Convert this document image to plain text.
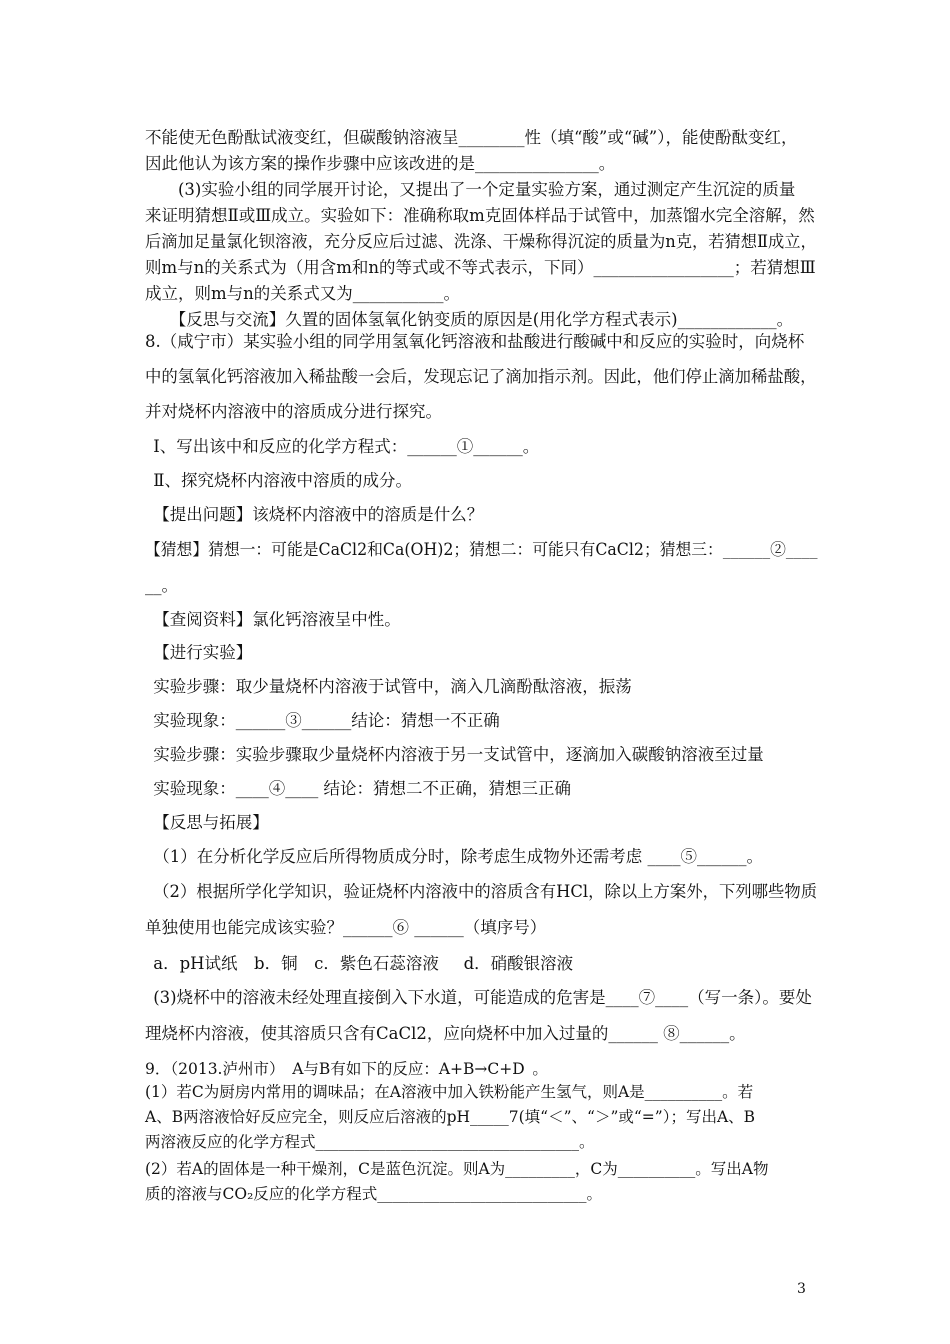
不能使无色酚酞试液变红，但碳酸钠溶液呈________性（填“酸”或“碱”），能使酚酞变红，
因此他认为该方案的操作步骤中应该改进的是_______________。
　　(3)实验小组的同学展开讨论，又提出了一个定量实验方案，通过测定产生沉淀的质量
来证明猜想Ⅱ或Ⅲ成立。实验如下：准确称取m克固体样品于试管中，加蒸馏水完全溶解，然
后滴加足量氯化钡溶液，充分反应后过滤、洗涤、干燥称得沉淀的质量为n克，若猜想Ⅱ成立，
则m与n的关系式为（用含m和n的等式或不等式表示，下同）_________________；若猜想Ⅲ
成立，则m与n的关系式又为___________。
　　【反思与交流】久置的固体氢氧化钠变质的原因是(用化学方程式表示)____________。
8.（咸宁市）某实验小组的同学用氢氧化钙溶液和盐酸进行酸碱中和反应的实验时，向烧杯
中的氢氧化钙溶液加入稀盐酸一会后，发现忘记了滴加指示剂。因此，他们停止滴加稀盐酸，
并对烧杯内溶液中的溶质成分进行探究。
 Ⅰ、写出该中和反应的化学方程式：______①______。
 Ⅱ、探究烧杯内溶液中溶质的成分。
 【提出问题】该烧杯内溶液中的溶质是什么？
【猜想】猜想一：可能是CaCl2和Ca(OH)2；猜想二：可能只有CaCl2；猜想三：______②____
__。
 【查阅资料】氯化钙溶液呈中性。
 【进行实验】
 实验步骤：取少量烧杯内溶液于试管中，滴入几滴酚酞溶液，振荡
 实验现象：______③______结论：猜想一不正确
 实验步骤：实验步骤取少量烧杯内溶液于另一支试管中，逐滴加入碳酸钠溶液至过量
 实验现象：____④____ 结论：猜想二不正确，猜想三正确
 【反思与拓展】
 （1）在分析化学反应后所得物质成分时，除考虑生成物外还需考虑 ____⑤______。
 （2）根据所学化学知识，验证烧杯内溶液中的溶质含有HCl，除以上方案外，下列哪些物质
单独使用也能完成该实验？______⑥ ______（填序号）
 a．pH试纸 b．铜 c．紫色石蕊溶液  d．硝酸银溶液
 (3)烧杯中的溶液未经处理直接倒入下水道，可能造成的危害是____⑦____（写一条）。要处
理烧杯内溶液，使其溶质只含有CaCl2，应向烧杯中加入过量的______ ⑧______。
9．（2013.泸州市） A与B有如下的反应：A+B→C+D 。
(1）若C为厨房内常用的调味品；在A溶液中加入铁粉能产生氢气，则A是__________。若
A、B两溶液恰好反应完全，则反应后溶液的pH_____7(填“＜”、“＞”或“=”）；写出A、B
两溶液反应的化学方程式__________________________________。
(2）若A的固体是一种干燥剂，C是蓝色沉淀。则A为_________，C为__________。写出A物
质的溶液与CO₂反应的化学方程式___________________________。
3
